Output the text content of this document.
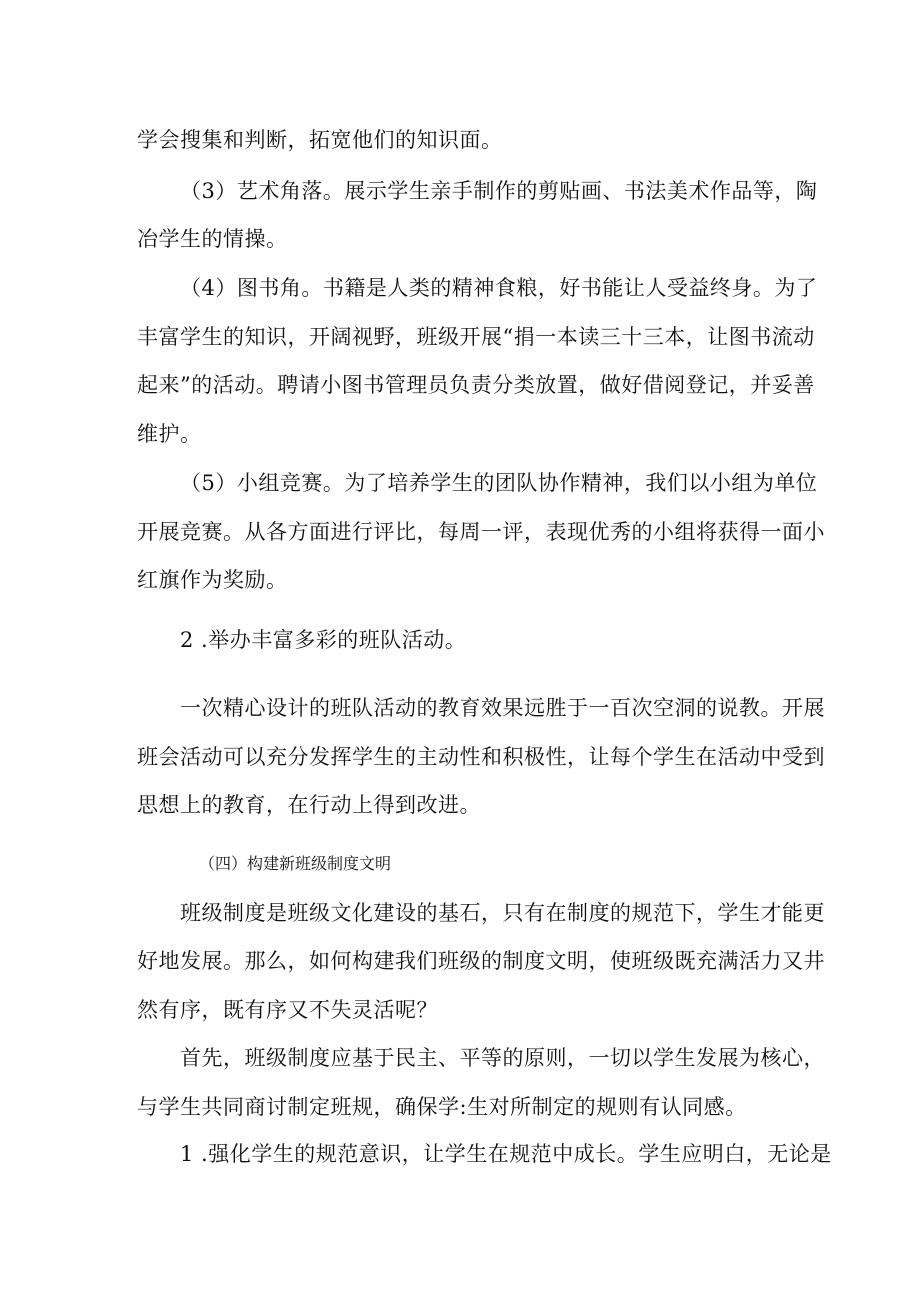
学会搜集和判断，拓宽他们的知识面。
（3）艺术角落。展示学生亲手制作的剪贴画、书法美术作品等，陶
冶学生的情操。
（4）图书角。书籍是人类的精神食粮，好书能让人受益终身。为了
丰富学生的知识，开阔视野，班级开展“捐一本读三十三本，让图书流动
起来”的活动。聘请小图书管理员负责分类放置，做好借阅登记，并妥善
维护。
（5）小组竞赛。为了培养学生的团队协作精神，我们以小组为单位
开展竞赛。从各方面进行评比，每周一评，表现优秀的小组将获得一面小
红旗作为奖励。
2 .举办丰富多彩的班队活动。
一次精心设计的班队活动的教育效果远胜于一百次空洞的说教。开展
班会活动可以充分发挥学生的主动性和积极性，让每个学生在活动中受到
思想上的教育，在行动上得到改进。
（四）构建新班级制度文明
班级制度是班级文化建设的基石，只有在制度的规范下，学生才能更
好地发展。那么，如何构建我们班级的制度文明，使班级既充满活力又井
然有序，既有序又不失灵活呢？
首先，班级制度应基于民主、平等的原则，一切以学生发展为核心，
与学生共同商讨制定班规，确保学:生对所制定的规则有认同感。
1 .强化学生的规范意识，让学生在规范中成长。学生应明白，无论是
